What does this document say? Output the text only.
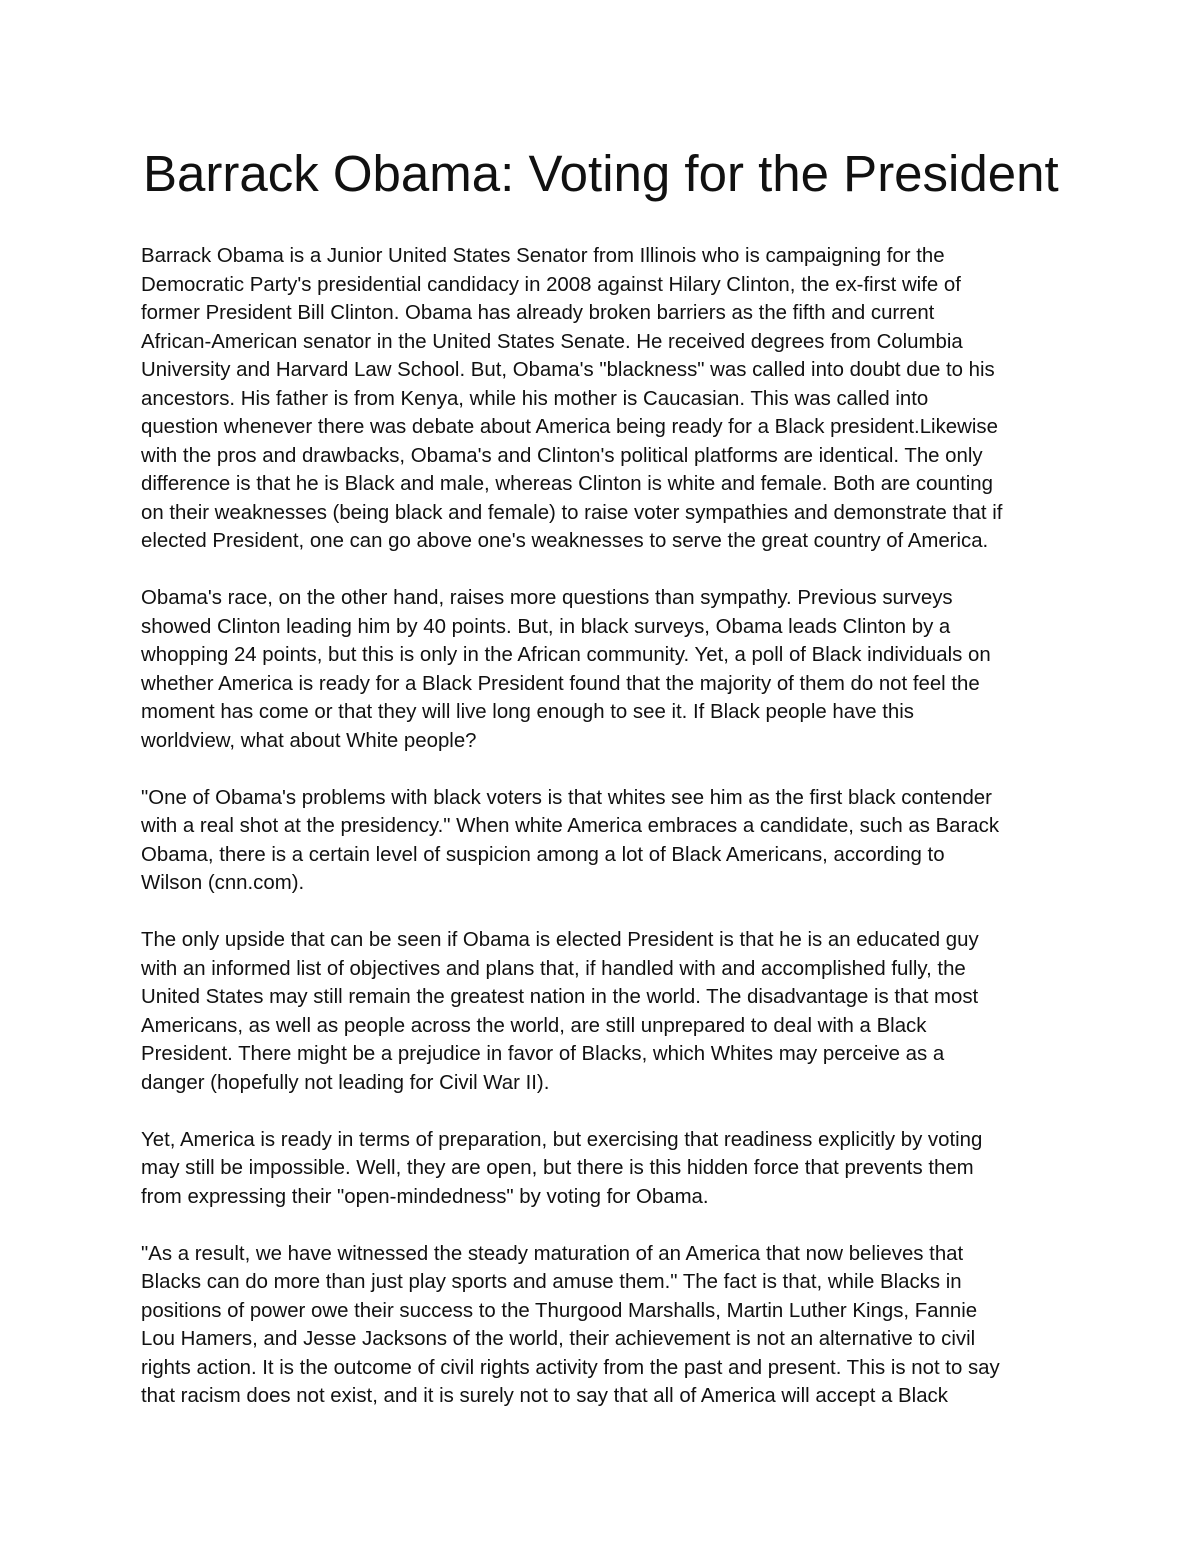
Barrack Obama: Voting for the President

Barrack Obama is a Junior United States Senator from Illinois who is campaigning for the
Democratic Party's presidential candidacy in 2008 against Hilary Clinton, the ex-first wife of
former President Bill Clinton. Obama has already broken barriers as the fifth and current
African-American senator in the United States Senate. He received degrees from Columbia
University and Harvard Law School. But, Obama's "blackness" was called into doubt due to his
ancestors. His father is from Kenya, while his mother is Caucasian. This was called into
question whenever there was debate about America being ready for a Black president.Likewise
with the pros and drawbacks, Obama's and Clinton's political platforms are identical. The only
difference is that he is Black and male, whereas Clinton is white and female. Both are counting
on their weaknesses (being black and female) to raise voter sympathies and demonstrate that if
elected President, one can go above one's weaknesses to serve the great country of America.

Obama's race, on the other hand, raises more questions than sympathy. Previous surveys
showed Clinton leading him by 40 points. But, in black surveys, Obama leads Clinton by a
whopping 24 points, but this is only in the African community. Yet, a poll of Black individuals on
whether America is ready for a Black President found that the majority of them do not feel the
moment has come or that they will live long enough to see it. If Black people have this
worldview, what about White people?

"One of Obama's problems with black voters is that whites see him as the first black contender
with a real shot at the presidency." When white America embraces a candidate, such as Barack
Obama, there is a certain level of suspicion among a lot of Black Americans, according to
Wilson (cnn.com).

The only upside that can be seen if Obama is elected President is that he is an educated guy
with an informed list of objectives and plans that, if handled with and accomplished fully, the
United States may still remain the greatest nation in the world. The disadvantage is that most
Americans, as well as people across the world, are still unprepared to deal with a Black
President. There might be a prejudice in favor of Blacks, which Whites may perceive as a
danger (hopefully not leading for Civil War II).

Yet, America is ready in terms of preparation, but exercising that readiness explicitly by voting
may still be impossible. Well, they are open, but there is this hidden force that prevents them
from expressing their "open-mindedness" by voting for Obama.

"As a result, we have witnessed the steady maturation of an America that now believes that
Blacks can do more than just play sports and amuse them." The fact is that, while Blacks in
positions of power owe their success to the Thurgood Marshalls, Martin Luther Kings, Fannie
Lou Hamers, and Jesse Jacksons of the world, their achievement is not an alternative to civil
rights action. It is the outcome of civil rights activity from the past and present. This is not to say
that racism does not exist, and it is surely not to say that all of America will accept a Black
